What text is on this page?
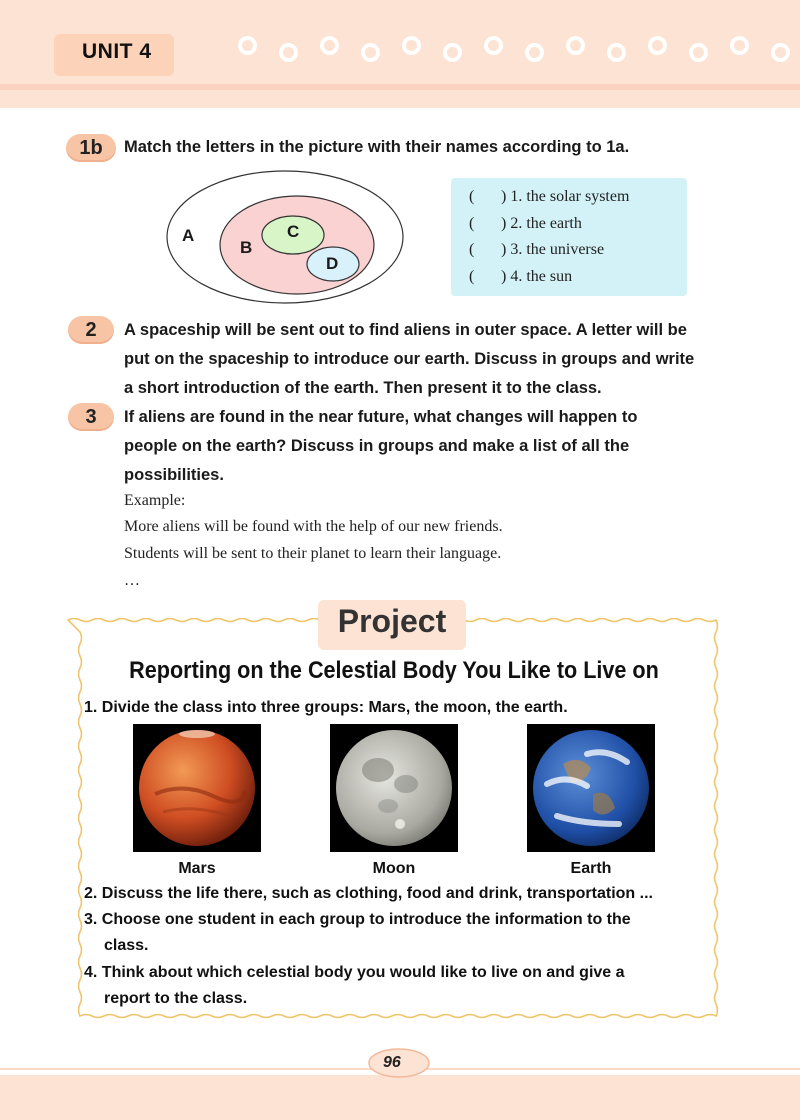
UNIT 4
1b	Match the letters in the picture with their names according to 1a.
A
B
C
D
( ) 1. the solar system
( ) 2. the earth
( ) 3. the universe
( ) 4. the sun
2	A spaceship will be sent out to find aliens in outer space. A letter will be
put on the spaceship to introduce our earth. Discuss in groups and write
a short introduction of the earth. Then present it to the class.
3	If aliens are found in the near future, what changes will happen to
people on the earth? Discuss in groups and make a list of all the
possibilities.
Example:
More aliens will be found with the help of our new friends.
Students will be sent to their planet to learn their language.
…
Project
Reporting on the Celestial Body You Like to Live on
1. Divide the class into three groups: Mars, the moon, the earth.
Mars	Moon	Earth
2. Discuss the life there, such as clothing, food and drink, transportation ...
3. Choose one student in each group to introduce the information to the
class.
4. Think about which celestial body you would like to live on and give a
report to the class.
96
